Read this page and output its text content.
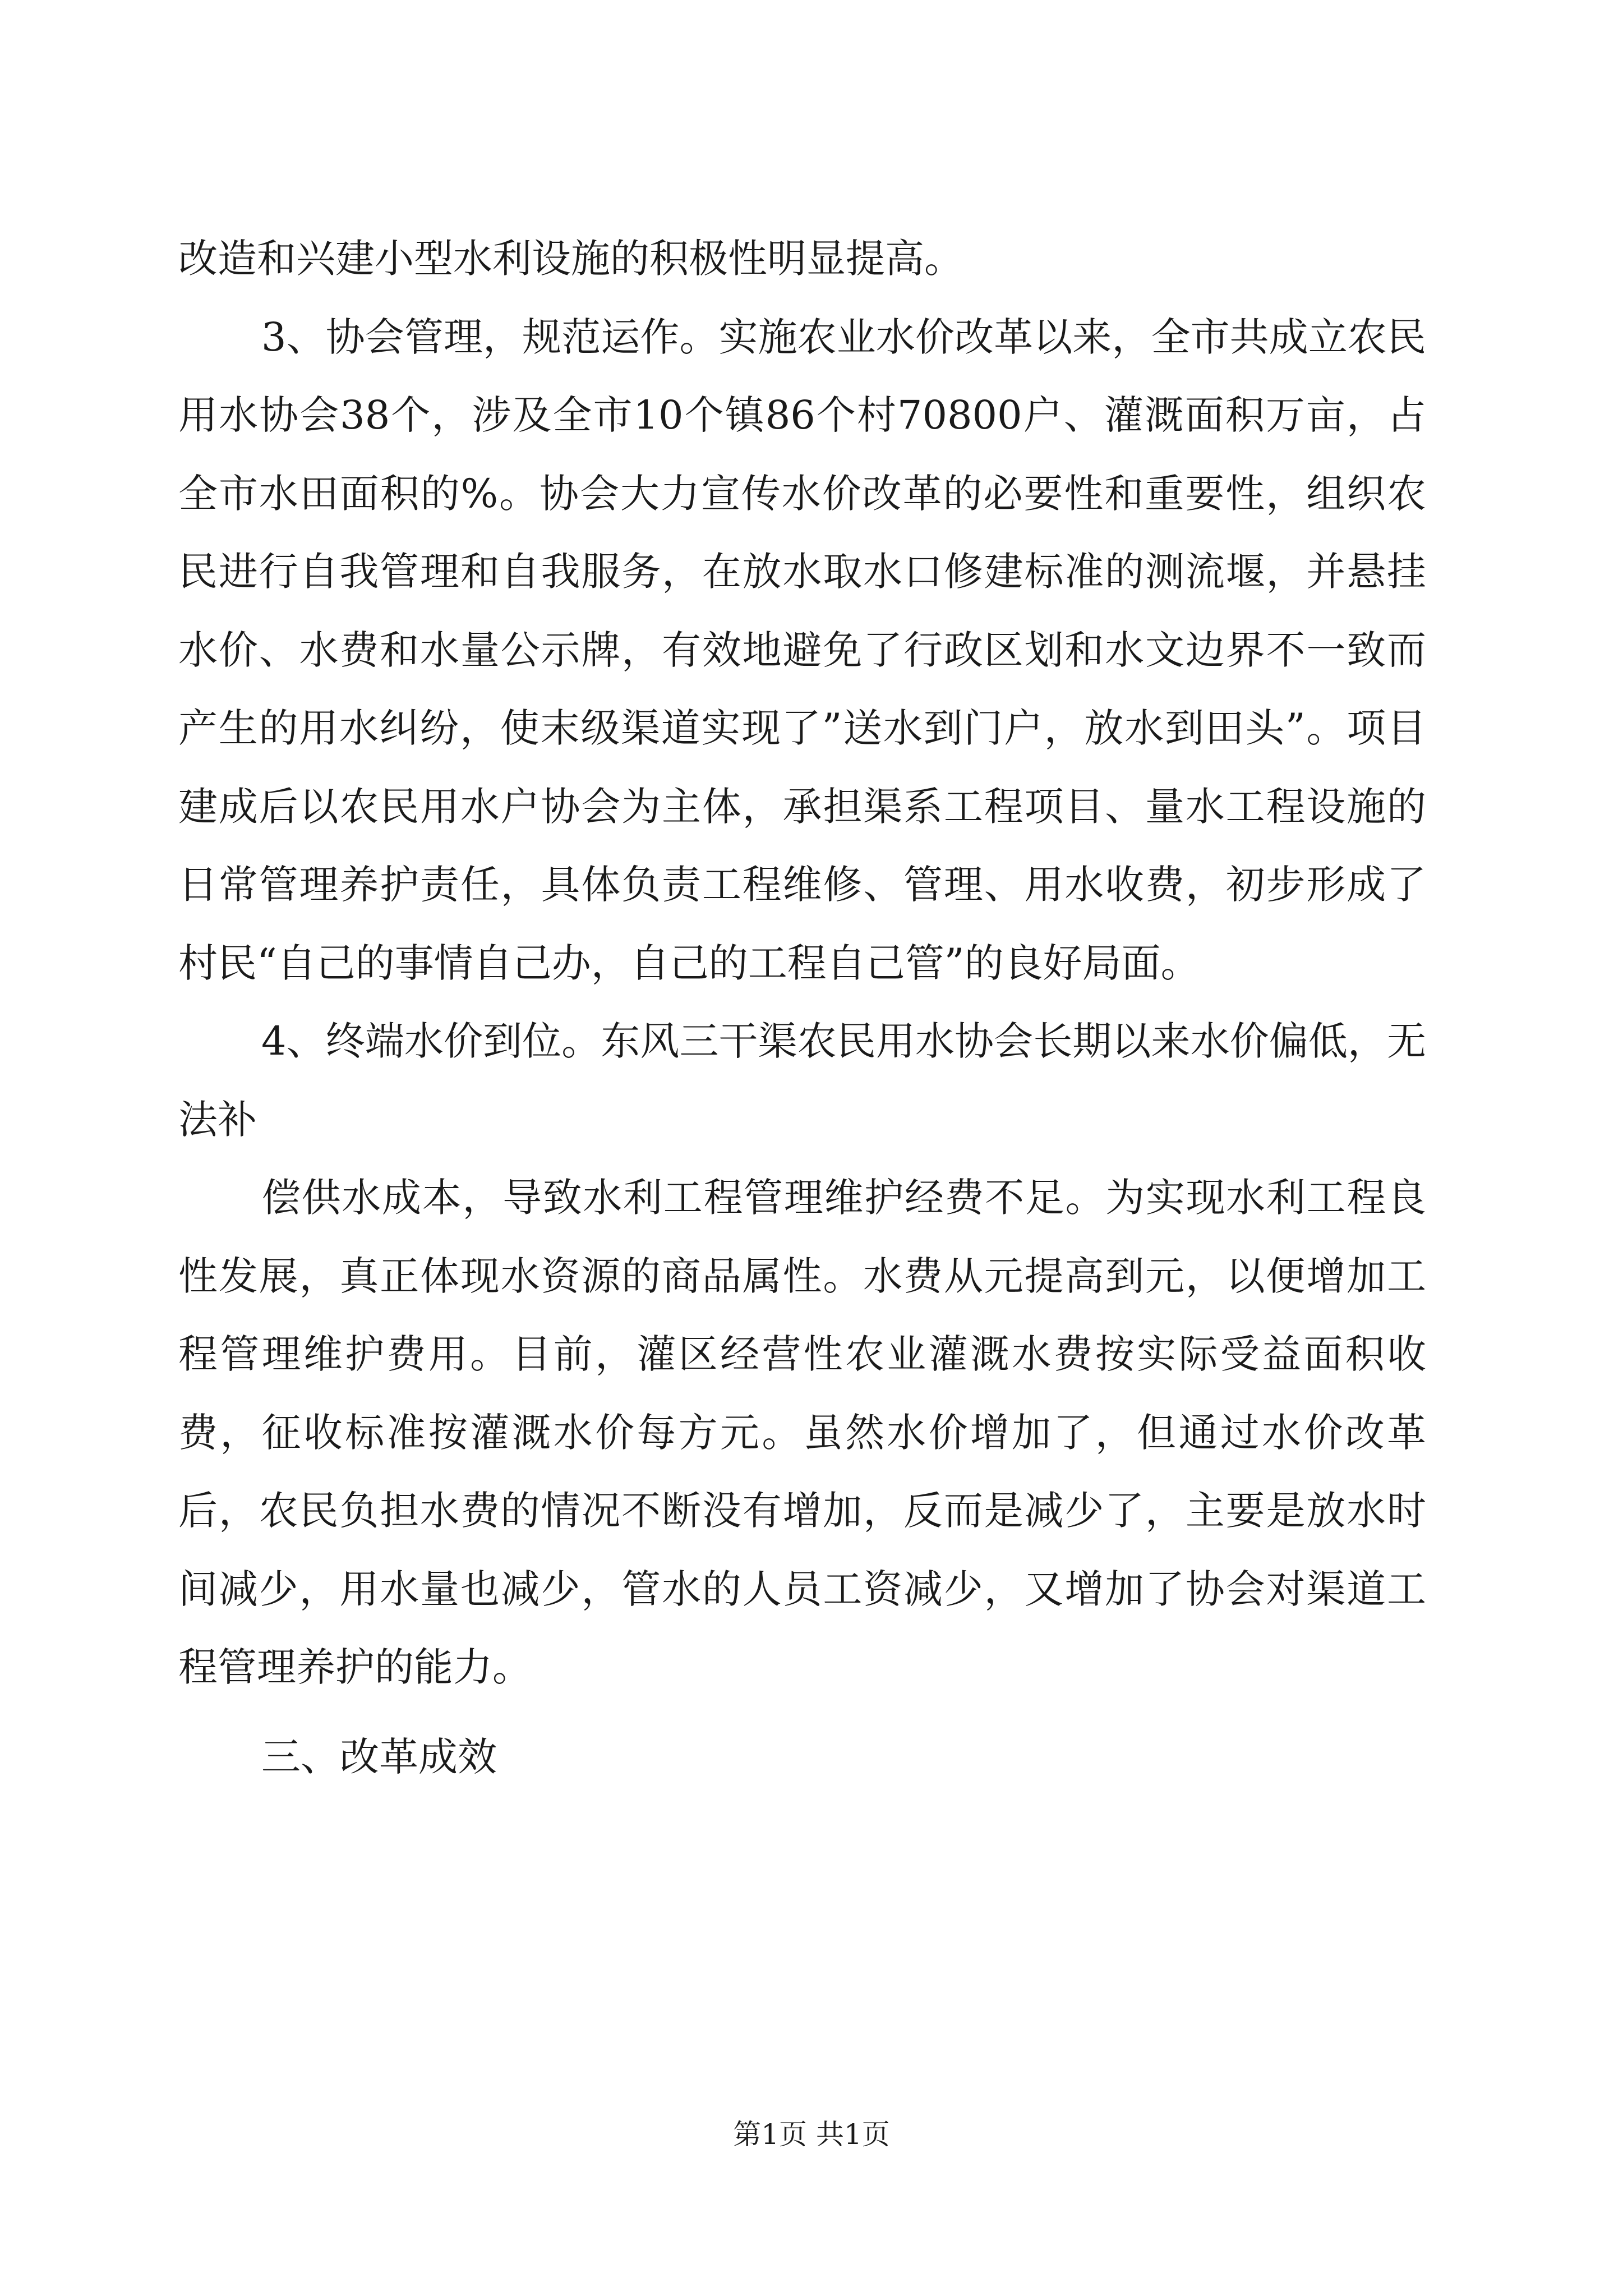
改造和兴建小型水利设施的积极性明显提高。

3、协会管理，规范运作。实施农业水价改革以来，全市共成立农民用水协会38个，涉及全市10个镇86个村70800户、灌溉面积万亩，占全市水田面积的%。协会大力宣传水价改革的必要性和重要性，组织农民进行自我管理和自我服务，在放水取水口修建标准的测流堰，并悬挂水价、水费和水量公示牌，有效地避免了行政区划和水文边界不一致而产生的用水纠纷，使末级渠道实现了”送水到门户，放水到田头”。项目建成后以农民用水户协会为主体，承担渠系工程项目、量水工程设施的日常管理养护责任，具体负责工程维修、管理、用水收费，初步形成了村民“自己的事情自己办，自己的工程自己管”的良好局面。

4、终端水价到位。东风三干渠农民用水协会长期以来水价偏低，无法补

偿供水成本，导致水利工程管理维护经费不足。为实现水利工程良性发展，真正体现水资源的商品属性。水费从元提高到元，以便增加工程管理维护费用。目前，灌区经营性农业灌溉水费按实际受益面积收费，征收标准按灌溉水价每方元。虽然水价增加了，但通过水价改革后，农民负担水费的情况不断没有增加，反而是减少了，主要是放水时间减少，用水量也减少，管水的人员工资减少，又增加了协会对渠道工程管理养护的能力。

三、改革成效

第1页 共1页
